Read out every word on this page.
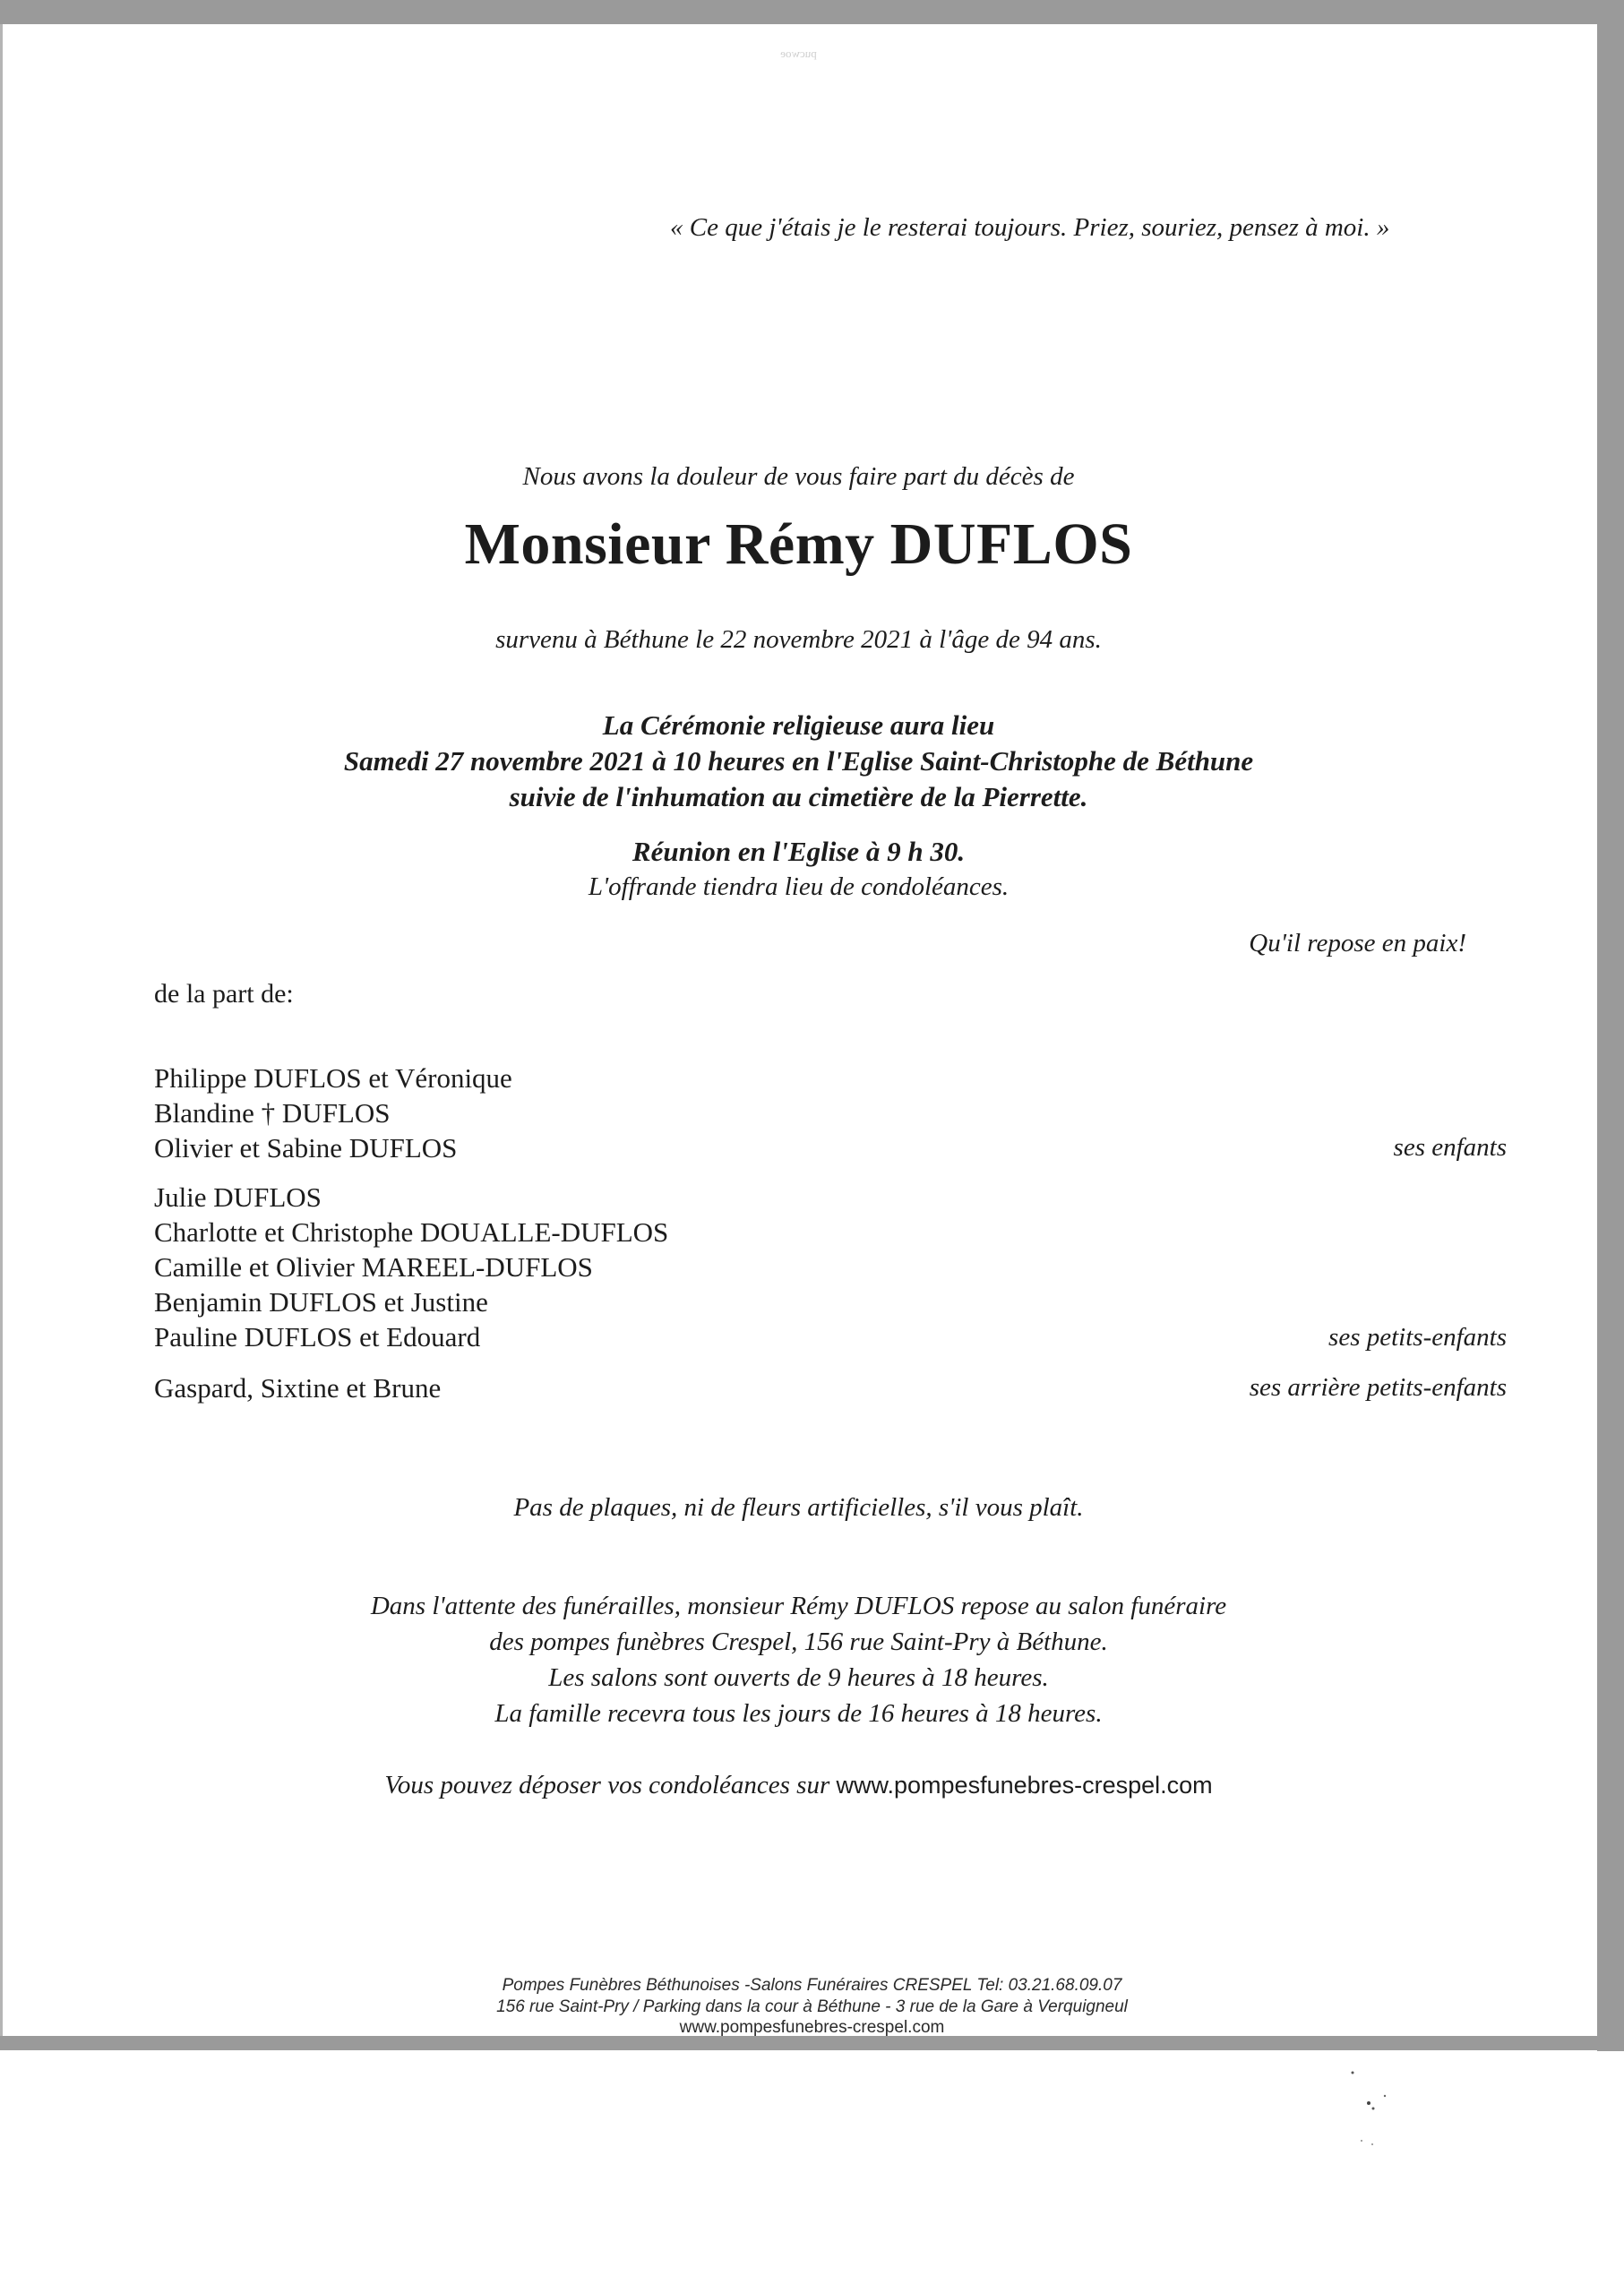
pucwoe
« Ce que j'étais je le resterai toujours. Priez, souriez, pensez à moi. »
Nous avons la douleur de vous faire part du décès de
Monsieur Rémy DUFLOS
survenu à Béthune le 22 novembre 2021 à l'âge de 94 ans.
La Cérémonie religieuse aura lieu
Samedi 27 novembre 2021 à 10 heures en l'Eglise Saint-Christophe de Béthune
suivie de l'inhumation au cimetière de la Pierrette.
Réunion en l'Eglise à 9 h 30.
L'offrande tiendra lieu de condoléances.
Qu'il repose en paix!
de la part de:
Philippe DUFLOS et Véronique
Blandine † DUFLOS
Olivier et Sabine DUFLOS	ses enfants
Julie DUFLOS
Charlotte et Christophe DOUALLE-DUFLOS
Camille et Olivier MAREEL-DUFLOS
Benjamin DUFLOS et Justine
Pauline DUFLOS et Edouard	ses petits-enfants
Gaspard, Sixtine et Brune	ses arrière petits-enfants
Pas de plaques, ni de fleurs artificielles, s'il vous plaît.
Dans l'attente des funérailles, monsieur Rémy DUFLOS repose au salon funéraire
des pompes funèbres Crespel, 156 rue Saint-Pry à Béthune.
Les salons sont ouverts de 9 heures à 18 heures.
La famille recevra tous les jours de 16 heures à 18 heures.
Vous pouvez déposer vos condoléances sur www.pompesfunebres-crespel.com
Pompes Funèbres Béthunoises -Salons Funéraires CRESPEL Tel: 03.21.68.09.07
156 rue Saint-Pry / Parking dans la cour à Béthune - 3 rue de la Gare à Verquigneul
www.pompesfunebres-crespel.com
